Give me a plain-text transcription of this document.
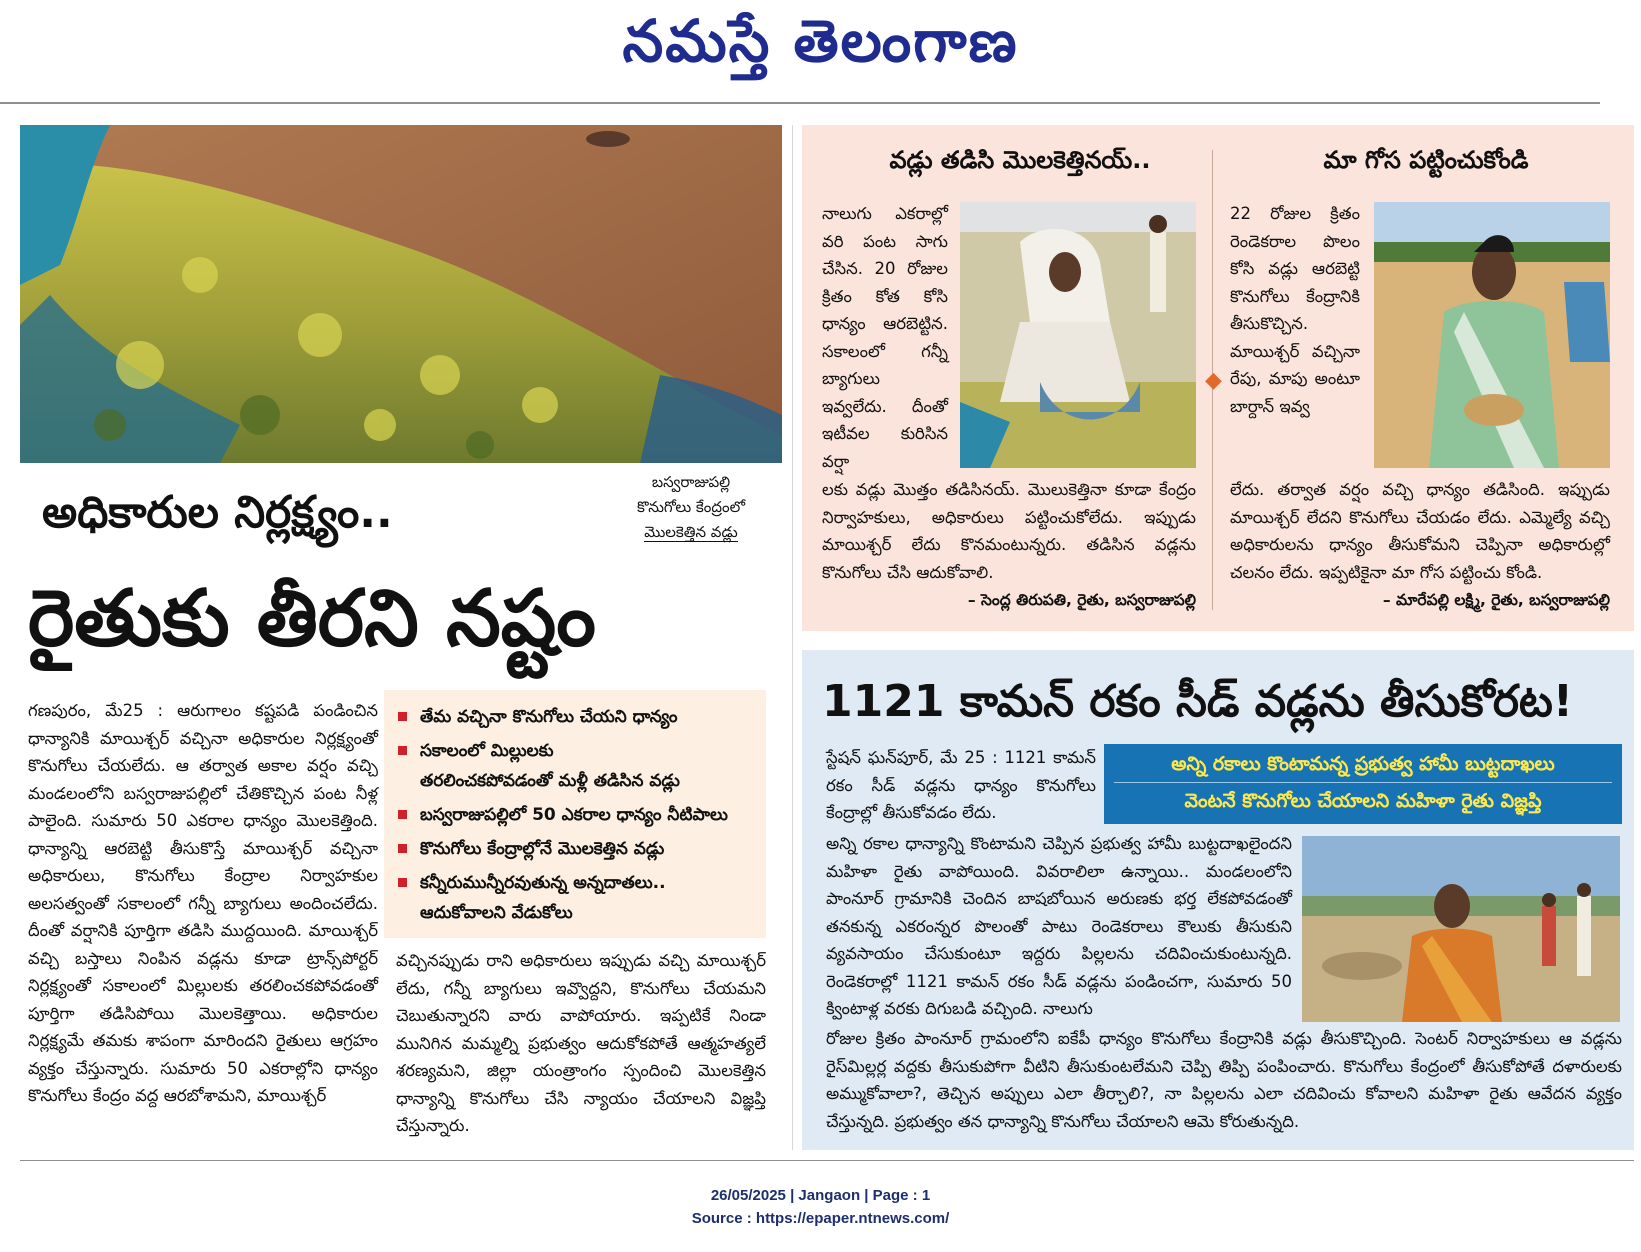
నమస్తే తెలంగాణ
బస్వరాజుపల్లి
కొనుగోలు కేంద్రంలో
మొలకెత్తిన వడ్లు
అధికారుల నిర్లక్ష్యం..
రైతుకు తీరని నష్టం
గణపురం, మే25 : ఆరుగాలం కష్టపడి పండించిన ధాన్యానికి మాయిశ్చర్ వచ్చినా అధికారుల నిర్లక్ష్యంతో కొనుగోలు చేయలేదు. ఆ తర్వాత అకాల వర్షం వచ్చి మండలంలోని బస్వరాజుపల్లిలో చేతికొచ్చిన పంట నీళ్ల పాలైంది. సుమారు 50 ఎకరాల ధాన్యం మొలకెత్తింది. ధాన్యాన్ని ఆరబెట్టి తీసుకొస్తే మాయిశ్చర్ వచ్చినా అధికారులు, కొనుగోలు కేంద్రాల నిర్వాహకుల అలసత్వంతో సకాలంలో గన్నీ బ్యాగులు అందించలేదు. దీంతో వర్షానికి పూర్తిగా తడిసి ముద్దయింది. మాయిశ్చర్ వచ్చి బస్తాలు నింపిన వడ్లను కూడా ట్రాన్స్‌పోర్టర్ నిర్లక్ష్యంతో సకాలంలో మిల్లులకు తరలించకపోవడంతో పూర్తిగా తడిసిపోయి మొలకెత్తాయి. అధికారుల నిర్లక్ష్యమే తమకు శాపంగా మారిందని రైతులు ఆగ్రహం వ్యక్తం చేస్తున్నారు. సుమారు 50 ఎకరాల్లోని ధాన్యం కొనుగోలు కేంద్రం వద్ద ఆరబోశామని, మాయిశ్చర్
తేమ వచ్చినా కొనుగోలు చేయని ధాన్యం
సకాలంలో మిల్లులకు
తరలించకపోవడంతో మళ్లీ తడిసిన వడ్లు
బస్వరాజుపల్లిలో 50 ఎకరాల ధాన్యం నీటిపాలు
కొనుగోలు కేంద్రాల్లోనే మొలకెత్తిన వడ్లు
కన్నీరుమున్నీరవుతున్న అన్నదాతలు..
ఆదుకోవాలని వేడుకోలు
వచ్చినప్పుడు రాని అధికారులు ఇప్పుడు వచ్చి మాయిశ్చర్ లేదు, గన్నీ బ్యాగులు ఇవ్వొద్దని, కొనుగోలు చేయమని చెబుతున్నారని వారు వాపోయారు. ఇప్పటికే నిండా మునిగిన మమ్మల్ని ప్రభుత్వం ఆదుకోకపోతే ఆత్మహత్యలే శరణ్యమని, జిల్లా యంత్రాంగం స్పందించి మొలకెత్తిన ధాన్యాన్ని కొనుగోలు చేసి న్యాయం చేయాలని విజ్ఞప్తి చేస్తున్నారు.
వడ్లు తడిసి మొలకెత్తినయ్..
నాలుగు ఎకరాల్లో వరి పంట సాగు చేసిన. 20 రోజుల క్రితం కోత కోసి ధాన్యం ఆరబెట్టిన. సకాలంలో గన్నీ బ్యాగులు ఇవ్వలేదు. దీంతో ఇటీవల కురిసిన వర్షా
లకు వడ్లు మొత్తం తడిసినయ్. మొలుకెత్తినా కూడా కేంద్రం నిర్వాహకులు, అధికారులు పట్టించుకోలేదు. ఇప్పుడు మాయిశ్చర్ లేదు కొనమంటున్నరు. తడిసిన వడ్లను కొనుగోలు చేసి ఆదుకోవాలి.
– సెంద్ల తిరుపతి, రైతు, బస్వరాజుపల్లి
◆
మా గోస పట్టించుకోండి
22 రోజుల క్రితం రెండెకరాల పొలం కోసి వడ్లు ఆరబెట్టి కొనుగోలు కేంద్రానికి తీసుకొచ్చిన. మాయిశ్చర్ వచ్చినా రేపు, మాపు అంటూ బార్దాన్ ఇవ్వ
లేదు. తర్వాత వర్షం వచ్చి ధాన్యం తడిసింది. ఇప్పుడు మాయిశ్చర్ లేదని కొనుగోలు చేయడం లేదు. ఎమ్మెల్యే వచ్చి అధికారులను ధాన్యం తీసుకోమని చెప్పినా అధికారుల్లో చలనం లేదు. ఇప్పటికైనా మా గోస పట్టించు కోండి.
– మారేపల్లి లక్ష్మి, రైతు, బస్వరాజుపల్లి
1121 కామన్ రకం సీడ్ వడ్లను తీసుకోరట!
స్టేషన్ ఘన్‌పూర్, మే 25 : 1121 కామన్ రకం సీడ్ వడ్లను ధాన్యం కొనుగోలు కేంద్రాల్లో తీసుకోవడం లేదు.
అన్ని రకాలు కొంటామన్న ప్రభుత్వ హామీ బుట్టదాఖలు
వెంటనే కొనుగోలు చేయాలని మహిళా రైతు విజ్ఞప్తి
అన్ని రకాల ధాన్యాన్ని కొంటామని చెప్పిన ప్రభుత్వ హామీ బుట్టదాఖలైందని మహిళా రైతు వాపోయింది. వివరాలిలా ఉన్నాయి.. మండలంలోని పాంనూర్ గ్రామానికి చెందిన బాషబోయిన అరుణకు భర్త లేకపోవడంతో తనకున్న ఎకరంన్నర పొలంతో పాటు రెండెకరాలు కౌలుకు తీసుకుని వ్యవసాయం చేసుకుంటూ ఇద్దరు పిల్లలను చదివించుకుంటున్నది. రెండెకరాల్లో 1121 కామన్ రకం సీడ్ వడ్లను పండించగా, సుమారు 50 క్వింటాళ్ల వరకు దిగుబడి వచ్చింది. నాలుగు
రోజుల క్రితం పాంనూర్ గ్రామంలోని ఐకేపీ ధాన్యం కొనుగోలు కేంద్రానికి వడ్లు తీసుకొచ్చింది. సెంటర్ నిర్వాహకులు ఆ వడ్లను రైస్‌మిల్లర్ల వద్దకు తీసుకుపోగా వీటిని తీసుకుంటలేమని చెప్పి తిప్పి పంపించారు. కొనుగోలు కేంద్రంలో తీసుకోపోతే దళారులకు అమ్ముకోవాలా?, తెచ్చిన అప్పులు ఎలా తీర్చాలి?, నా పిల్లలను ఎలా చదివించు కోవాలని మహిళా రైతు ఆవేదన వ్యక్తం చేస్తున్నది. ప్రభుత్వం తన ధాన్యాన్ని కొనుగోలు చేయాలని ఆమె కోరుతున్నది.
26/05/2025 | Jangaon | Page : 1
Source : https://epaper.ntnews.com/
